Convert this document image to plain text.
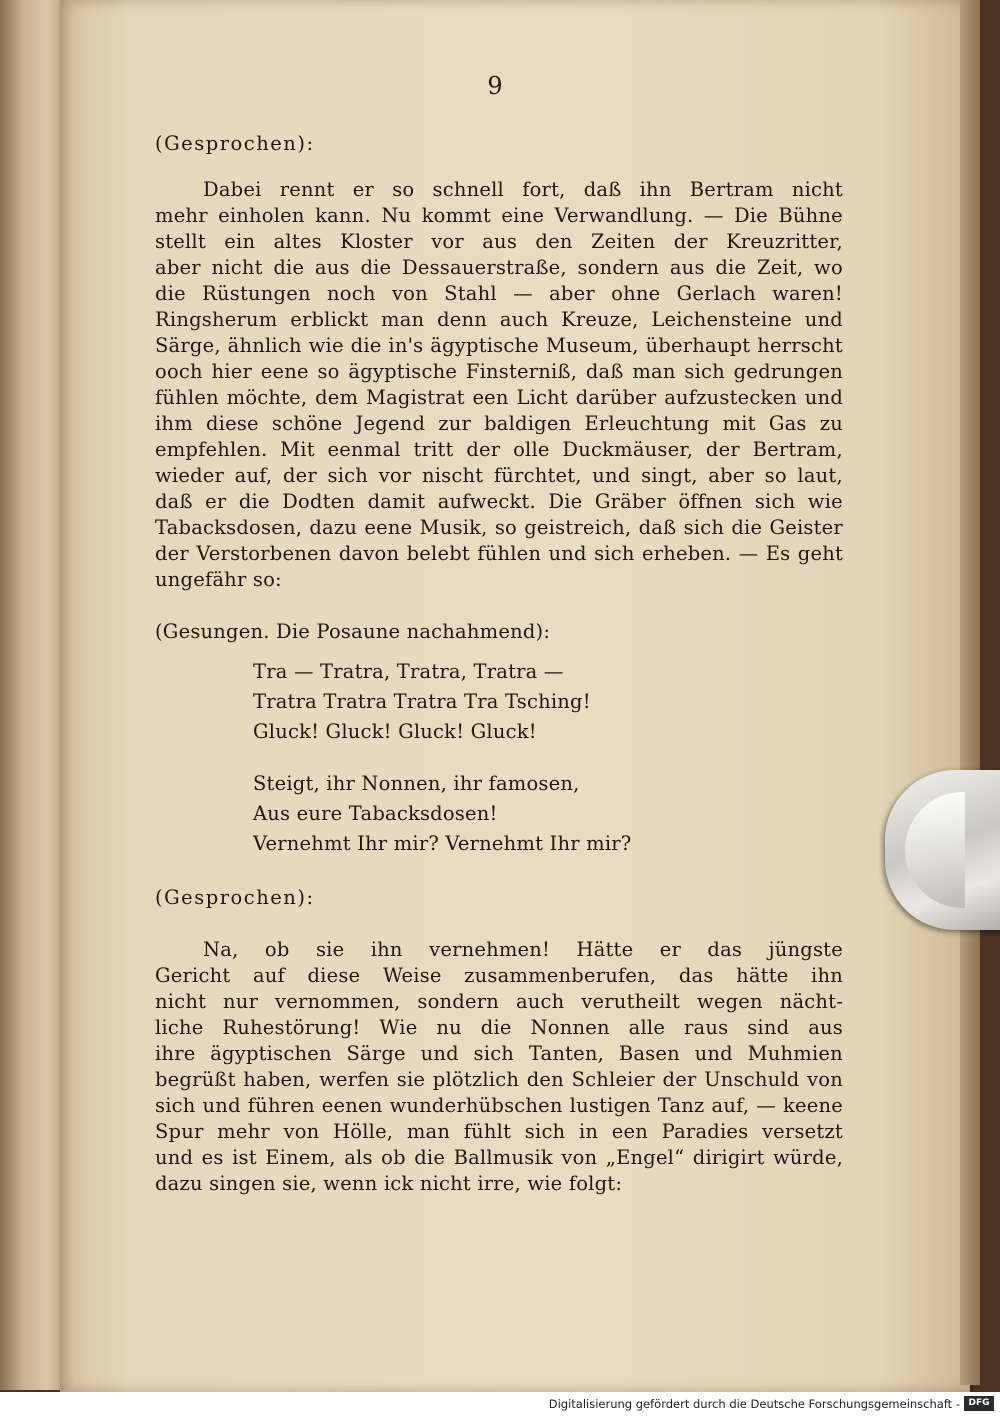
9
(Gesprochen):
Dabei rennt er so schnell fort, daß ihn Bertram nicht
mehr einholen kann. Nu kommt eine Verwandlung. — Die Bühne
stellt ein altes Kloster vor aus den Zeiten der Kreuzritter,
aber nicht die aus die Dessauerstraße, sondern aus die Zeit, wo
die Rüstungen noch von Stahl — aber ohne Gerlach waren!
Ringsherum erblickt man denn auch Kreuze, Leichensteine und
Särge, ähnlich wie die in's ägyptische Museum, überhaupt herrscht
ooch hier eene so ägyptische Finsterniß, daß man sich gedrungen
fühlen möchte, dem Magistrat een Licht darüber aufzustecken und
ihm diese schöne Jegend zur baldigen Erleuchtung mit Gas zu
empfehlen. Mit eenmal tritt der olle Duckmäuser, der Bertram,
wieder auf, der sich vor nischt fürchtet, und singt, aber so laut,
daß er die Dodten damit aufweckt. Die Gräber öffnen sich wie
Tabacksdosen, dazu eene Musik, so geistreich, daß sich die Geister
der Verstorbenen davon belebt fühlen und sich erheben. — Es geht
ungefähr so:
(Gesungen. Die Posaune nachahmend):
Tra — Tratra, Tratra, Tratra —
Tratra Tratra Tratra Tra Tsching!
Gluck! Gluck! Gluck! Gluck!
Steigt, ihr Nonnen, ihr famosen,
Aus eure Tabacksdosen!
Vernehmt Ihr mir? Vernehmt Ihr mir?
(Gesprochen):
Na, ob sie ihn vernehmen! Hätte er das jüngste
Gericht auf diese Weise zusammenberufen, das hätte ihn
nicht nur vernommen, sondern auch verutheilt wegen nächt-
liche Ruhestörung! Wie nu die Nonnen alle raus sind aus
ihre ägyptischen Särge und sich Tanten, Basen und Muhmien
begrüßt haben, werfen sie plötzlich den Schleier der Unschuld von
sich und führen eenen wunderhübschen lustigen Tanz auf, — keene
Spur mehr von Hölle, man fühlt sich in een Paradies versetzt
und es ist Einem, als ob die Ballmusik von „Engel“ dirigirt würde,
dazu singen sie, wenn ick nicht irre, wie folgt:
Digitalisierung gefördert durch die Deutsche Forschungsgemeinschaft - DFG
